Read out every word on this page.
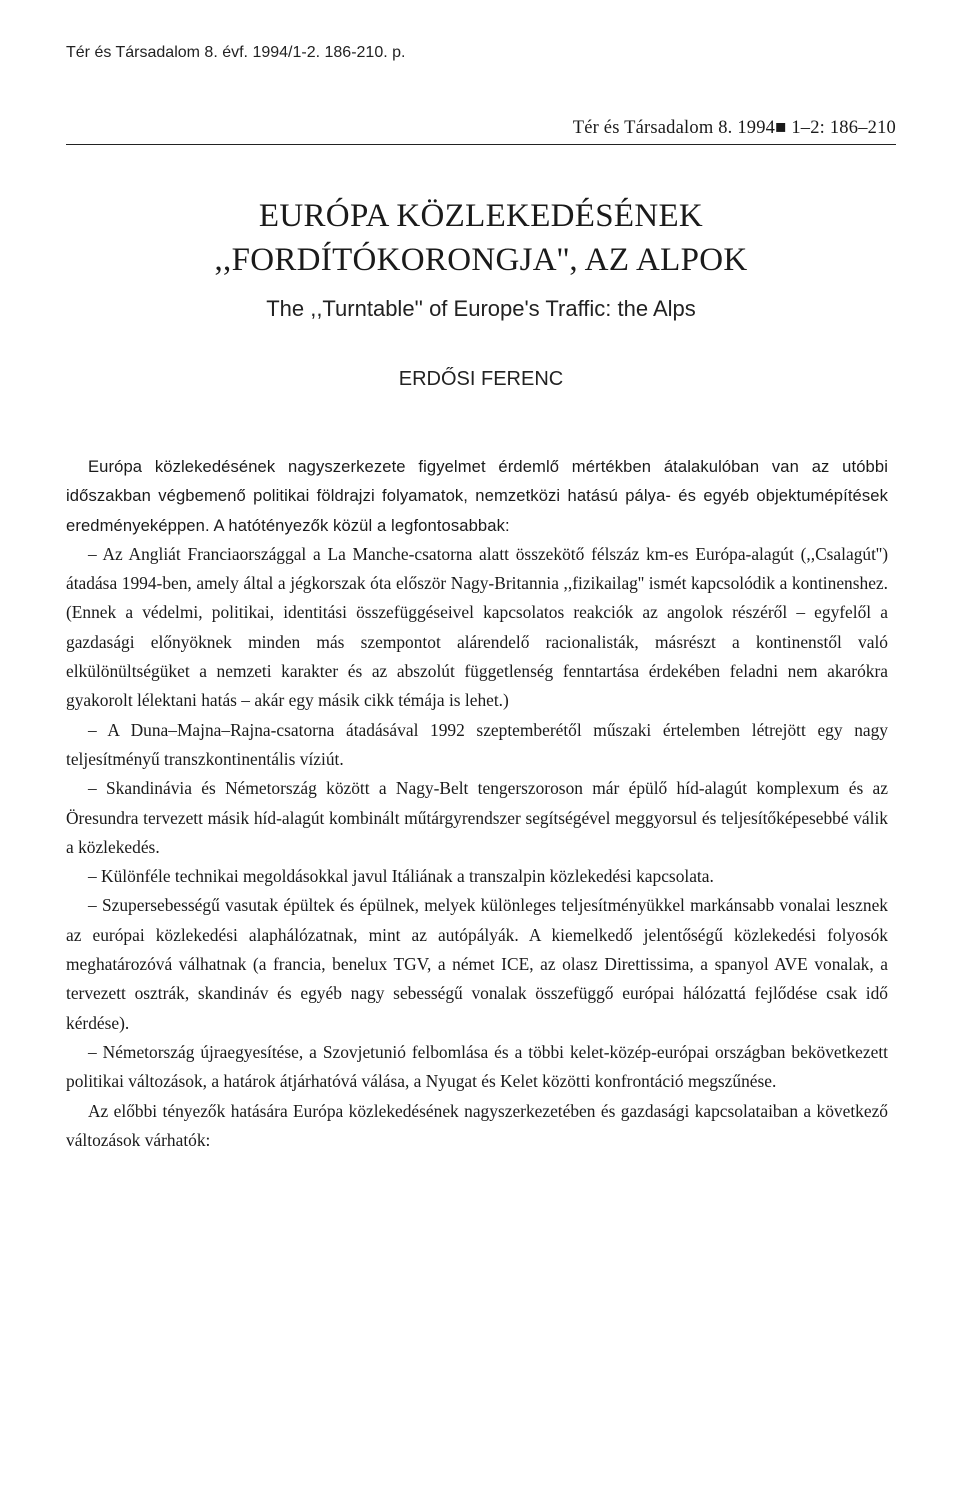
Tér és Társadalom 8. évf. 1994/1-2. 186-210. p.
Tér és Társadalom 8. 1994■ 1–2: 186–210
EURÓPA KÖZLEKEDÉSÉNEK
,,FORDÍTÓKORONGJA'', AZ ALPOK
The ,,Turntable'' of Europe's Traffic: the Alps
ERDŐSI FERENC

Európa közlekedésének nagyszerkezete figyelmet érdemlő mértékben átalakulóban van az utóbbi időszakban végbemenő politikai földrajzi folyamatok, nemzetközi hatású pálya- és egyéb objektumépítések eredményeképpen. A hatótényezők közül a legfontosabbak:

– Az Angliát Franciaországgal a La Manche-csatorna alatt összekötő félszáz km-es Európa-alagút (,,Csalagút'') átadása 1994-ben, amely által a jégkorszak óta először Nagy-Britannia ,,fizikailag'' ismét kapcsolódik a kontinenshez. (Ennek a védelmi, politikai, identitási összefüggéseivel kapcsolatos reakciók az angolok részéről – egyfelől a gazdasági előnyöknek minden más szempontot alárendelő racionalisták, másrészt a kontinenstől való elkülönültségüket a nemzeti karakter és az abszolút függetlenség fenntartása érdekében feladni nem akarókra gyakorolt lélektani hatás – akár egy másik cikk témája is lehet.)

– A Duna–Majna–Rajna-csatorna átadásával 1992 szeptemberétől műszaki értelemben létrejött egy nagy teljesítményű transzkontinentális víziút.

– Skandinávia és Németország között a Nagy-Belt tengerszoroson már épülő híd-alagút komplexum és az Öresundra tervezett másik híd-alagút kombinált műtárgyrendszer segítségével meggyorsul és teljesítőképesebbé válik a közlekedés.

– Különféle technikai megoldásokkal javul Itáliának a transzalpin közlekedési kapcsolata.

– Szupersebességű vasutak épültek és épülnek, melyek különleges teljesítményükkel markánsabb vonalai lesznek az európai közlekedési alaphálózatnak, mint az autópályák. A kiemelkedő jelentőségű közlekedési folyosók meghatározóvá válhatnak (a francia, benelux TGV, a német ICE, az olasz Direttissima, a spanyol AVE vonalak, a tervezett osztrák, skandináv és egyéb nagy sebességű vonalak összefüggő európai hálózattá fejlődése csak idő kérdése).

– Németország újraegyesítése, a Szovjetunió felbomlása és a többi kelet-közép-európai országban bekövetkezett politikai változások, a határok átjárhatóvá válása, a Nyugat és Kelet közötti konfrontáció megszűnése.

Az előbbi tényezők hatására Európa közlekedésének nagyszerkezetében és gazdasági kapcsolataiban a következő változások várhatók:
